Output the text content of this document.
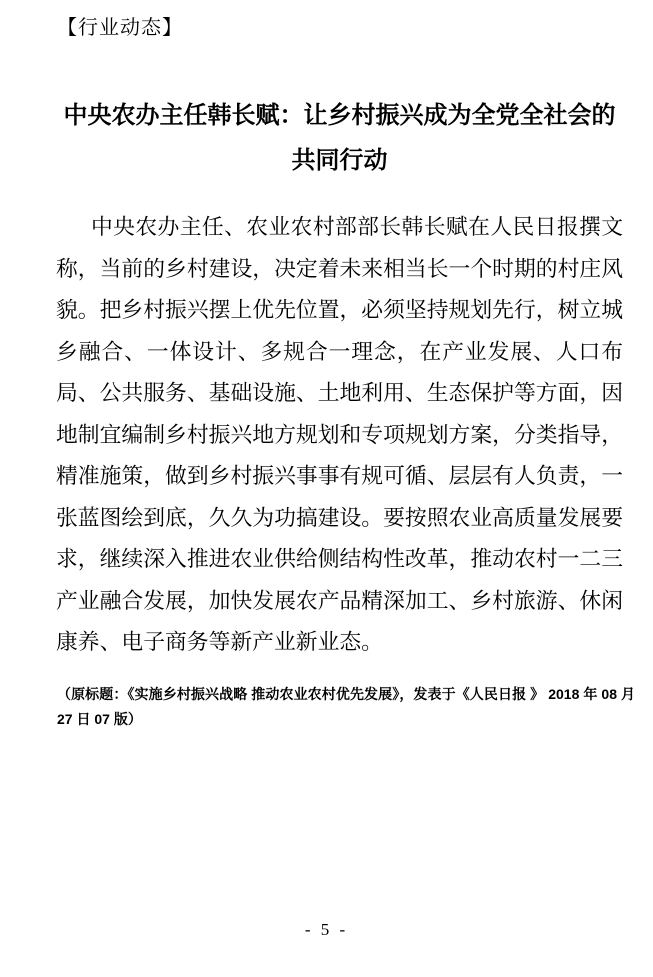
【行业动态】
中央农办主任韩长赋：让乡村振兴成为全党全社会的共同行动

中央农办主任、农业农村部部长韩长赋在人民日报撰文称，当前的乡村建设，决定着未来相当长一个时期的村庄风貌。把乡村振兴摆上优先位置，必须坚持规划先行，树立城乡融合、一体设计、多规合一理念，在产业发展、人口布局、公共服务、基础设施、土地利用、生态保护等方面，因地制宜编制乡村振兴地方规划和专项规划方案，分类指导，精准施策，做到乡村振兴事事有规可循、层层有人负责，一张蓝图绘到底，久久为功搞建设。要按照农业高质量发展要求，继续深入推进农业供给侧结构性改革，推动农村一二三产业融合发展，加快发展农产品精深加工、乡村旅游、休闲康养、电子商务等新产业新业态。

（原标题：《实施乡村振兴战略 推动农业农村优先发展》，发表于《人民日报 》 2018 年 08 月 27 日 07 版）
- 5 -
